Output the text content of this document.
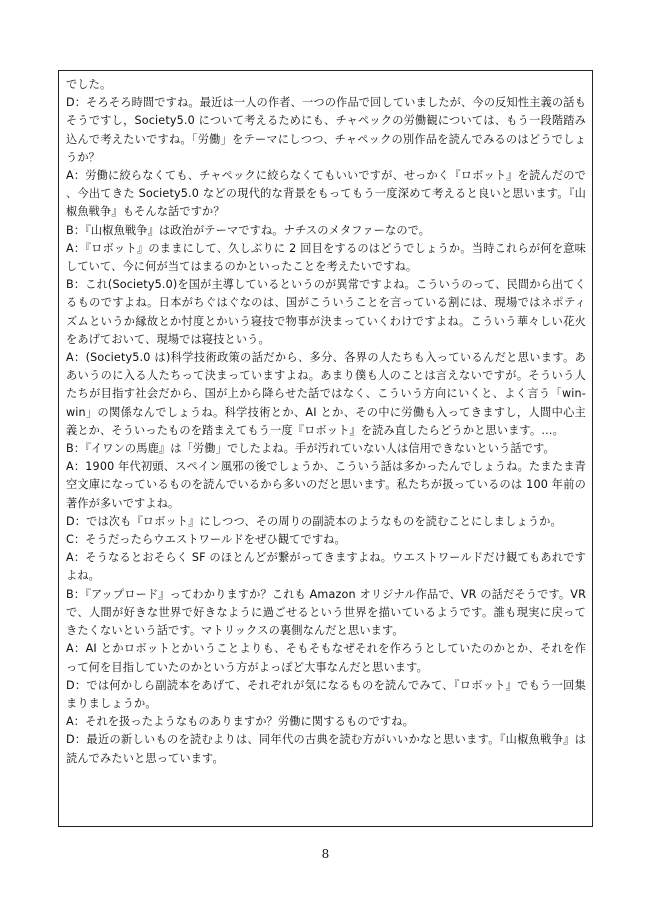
でした。

D：そろそろ時間ですね。最近は一人の作者、一つの作品で回していましたが、今の反知性主義の話もそうですし，Society5.0 について考えるためにも、チャペックの労働観については、もう一段階踏み込んで考えたいですね。「労働」をテーマにしつつ、チャペックの別作品を読んでみるのはどうでしょうか？

A：労働に絞らなくても、チャペックに絞らなくてもいいですが、せっかく『ロボット』を読んだので、今出てきた Society5.0 などの現代的な背景をもってもう一度深めて考えると良いと思います。『山椒魚戦争』もそんな話ですか？

B：『山椒魚戦争』は政治がテーマですね。ナチスのメタファーなので。

A：『ロボット』のままにして、久しぶりに 2 回目をするのはどうでしょうか。当時これらが何を意味していて、今に何が当てはまるのかといったことを考えたいですね。

B：これ(Society5.0)を国が主導しているというのが異常ですよね。こういうのって、民間から出てくるものですよね。日本がちぐはぐなのは、国がこういうことを言っている割には、現場ではネポティズムというか縁故とか忖度とかいう寝技で物事が決まっていくわけですよね。こういう華々しい花火をあげておいて、現場では寝技という。

A：(Society5.0 は)科学技術政策の話だから、多分、各界の人たちも入っているんだと思います。ああいうのに入る人たちって決まっていますよね。あまり僕も人のことは言えないですが。そういう人たちが目指す社会だから、国が上から降らせた話ではなく、こういう方向にいくと、よく言う「win-win」の関係なんでしょうね。科学技術とか、AI とか、その中に労働も入ってきますし，人間中心主義とか、そういったものを踏まえてもう一度『ロボット』を読み直したらどうかと思います。…。

B：『イワンの馬鹿』は「労働」でしたよね。手が汚れていない人は信用できないという話です。

A：1900 年代初頭、スペイン風邪の後でしょうか、こういう話は多かったんでしょうね。たまたま青空文庫になっているものを読んでいるから多いのだと思います。私たちが扱っているのは 100 年前の著作が多いですよね。

D：では次も『ロボット』にしつつ、その周りの副読本のようなものを読むことにしましょうか。

C：そうだったらウエストワールドをぜひ観てですね。

A：そうなるとおそらく SF のほとんどが繋がってきますよね。ウエストワールドだけ観てもあれですよね。

B：『アップロード』ってわかりますか？これも Amazon オリジナル作品で、VR の話だそうです。VR で、人間が好きな世界で好きなように過ごせるという世界を描いているようです。誰も現実に戻ってきたくないという話です。マトリックスの裏側なんだと思います。

A：AI とかロボットとかいうことよりも、そもそもなぜそれを作ろうとしていたのかとか、それを作って何を目指していたのかという方がよっぽど大事なんだと思います。

D：では何かしら副読本をあげて、それぞれが気になるものを読んでみて、『ロボット』でもう一回集まりましょうか。

A：それを扱ったようなものありますか？労働に関するものですね。

D：最近の新しいものを読むよりは、同年代の古典を読む方がいいかなと思います。『山椒魚戦争』は読んでみたいと思っています。

8
